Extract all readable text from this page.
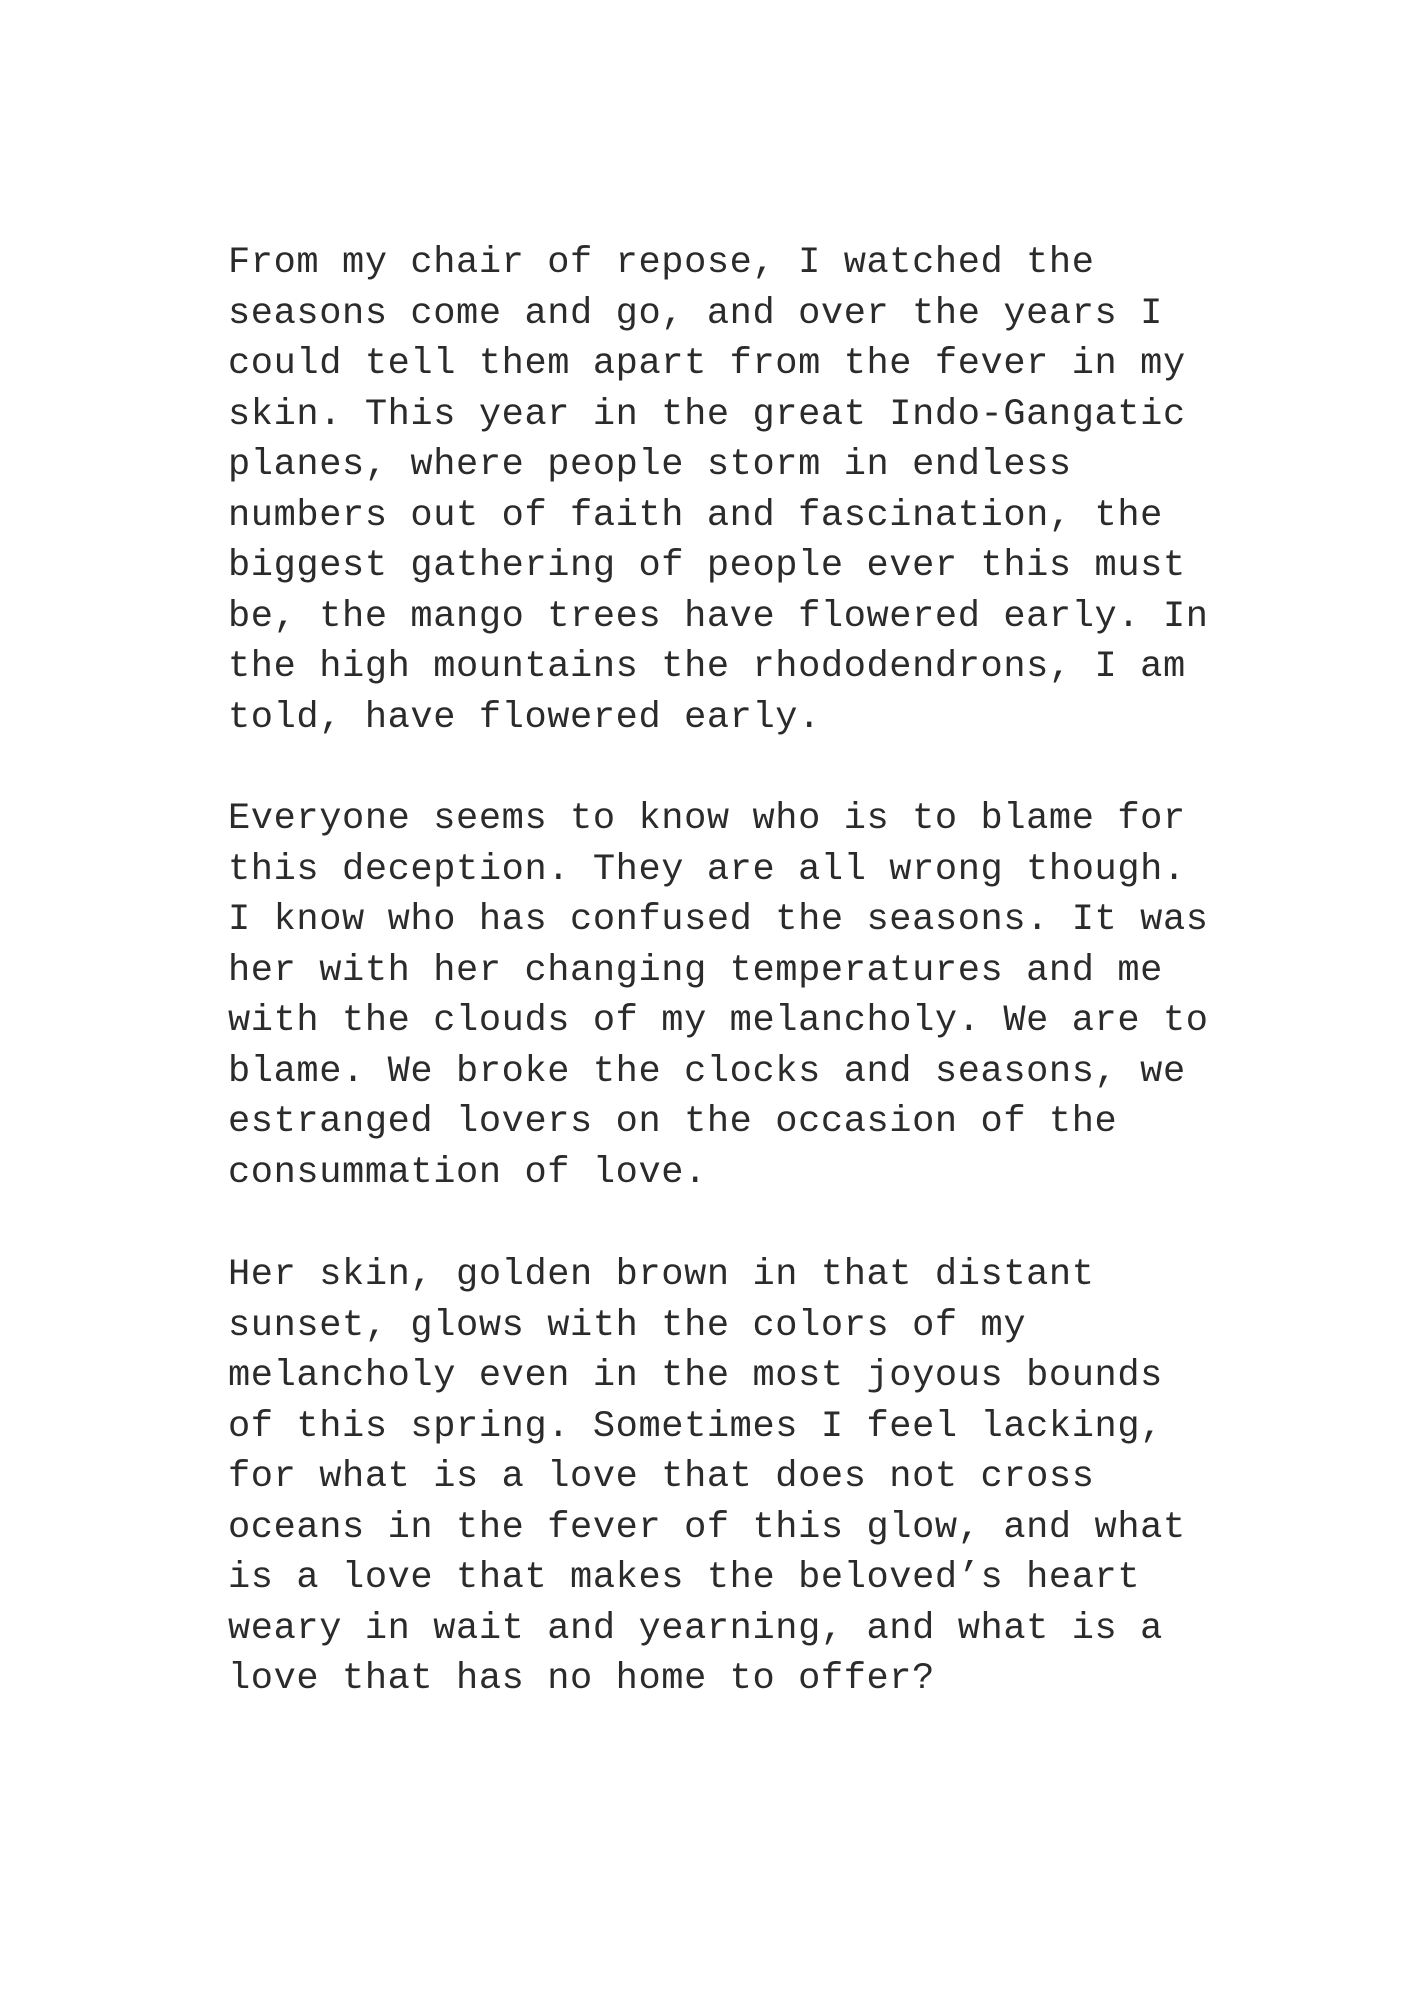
From my chair of repose, I watched the
seasons come and go, and over the years I
could tell them apart from the fever in my
skin. This year in the great Indo-Gangatic
planes, where people storm in endless
numbers out of faith and fascination, the
biggest gathering of people ever this must
be, the mango trees have flowered early. In
the high mountains the rhododendrons, I am
told, have flowered early.
Everyone seems to know who is to blame for
this deception. They are all wrong though.
I know who has confused the seasons. It was
her with her changing temperatures and me
with the clouds of my melancholy. We are to
blame. We broke the clocks and seasons, we
estranged lovers on the occasion of the
consummation of love.
Her skin, golden brown in that distant
sunset, glows with the colors of my
melancholy even in the most joyous bounds
of this spring. Sometimes I feel lacking,
for what is a love that does not cross
oceans in the fever of this glow, and what
is a love that makes the beloved’s heart
weary in wait and yearning, and what is a
love that has no home to offer?
